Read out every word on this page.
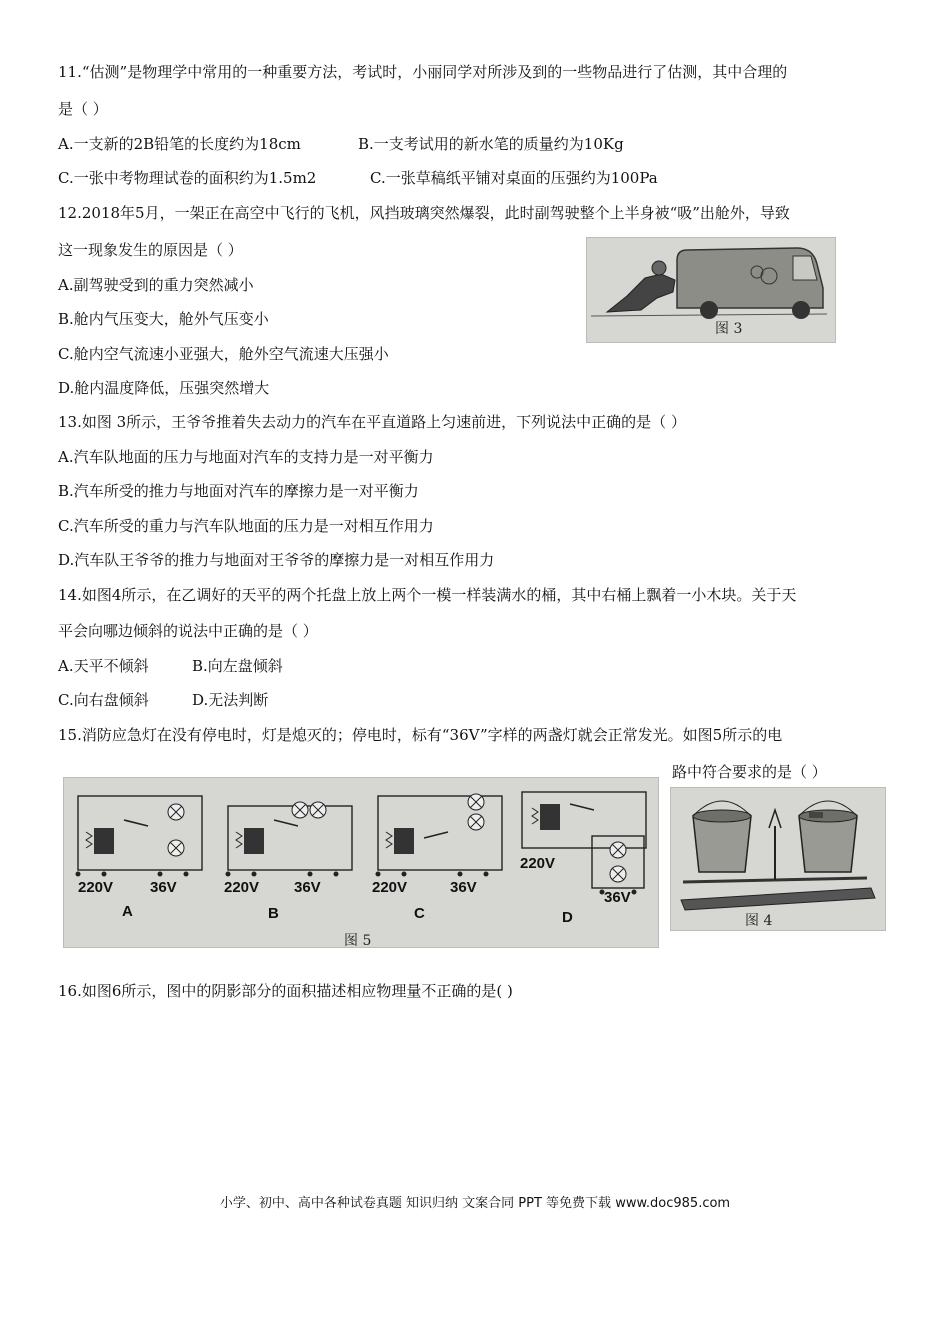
11.“估测”是物理学中常用的一种重要方法，考试时，小丽同学对所涉及到的一些物品进行了估测，其中合理的
是（ ）
A.一支新的2B铅笔的长度约为18cm	B.一支考试用的新水笔的质量约为10Kg
C.一张中考物理试卷的面积约为1.5m2	C.一张草稿纸平铺对桌面的压强约为100Pa
12.2018年5月，一架正在高空中飞行的飞机，风挡玻璃突然爆裂，此时副驾驶整个上半身被“吸”出舱外，导致
这一现象发生的原因是（ ）
A.副驾驶受到的重力突然减小
B.舱内气压变大，舱外气压变小
C.舱内空气流速小亚强大，舱外空气流速大压强小
D.舱内温度降低，压强突然增大
图 3
13.如图 3所示，王爷爷推着失去动力的汽车在平直道路上匀速前进，下列说法中正确的是（ ）
A.汽车队地面的压力与地面对汽车的支持力是一对平衡力
B.汽车所受的推力与地面对汽车的摩擦力是一对平衡力
C.汽车所受的重力与汽车队地面的压力是一对相互作用力
D.汽车队王爷爷的推力与地面对王爷爷的摩擦力是一对相互作用力
14.如图4所示，在乙调好的天平的两个托盘上放上两个一模一样装满水的桶，其中右桶上飘着一小木块。关于天
平会向哪边倾斜的说法中正确的是（ ）
A.天平不倾斜	B.向左盘倾斜
C.向右盘倾斜	D.无法判断
15.消防应急灯在没有停电时，灯是熄灭的；停电时，标有“36V”字样的两盏灯就会正常发光。如图5所示的电
路中符合要求的是（ ）
220V 36V
A
220V 36V
B
220V	36V
C
220V
36V
D
图 5
图 4
16.如图6所示，图中的阴影部分的面积描述相应物理量不正确的是( )
小学、初中、高中各种试卷真题 知识归纳 文案合同 PPT 等免费下载 www.doc985.com
